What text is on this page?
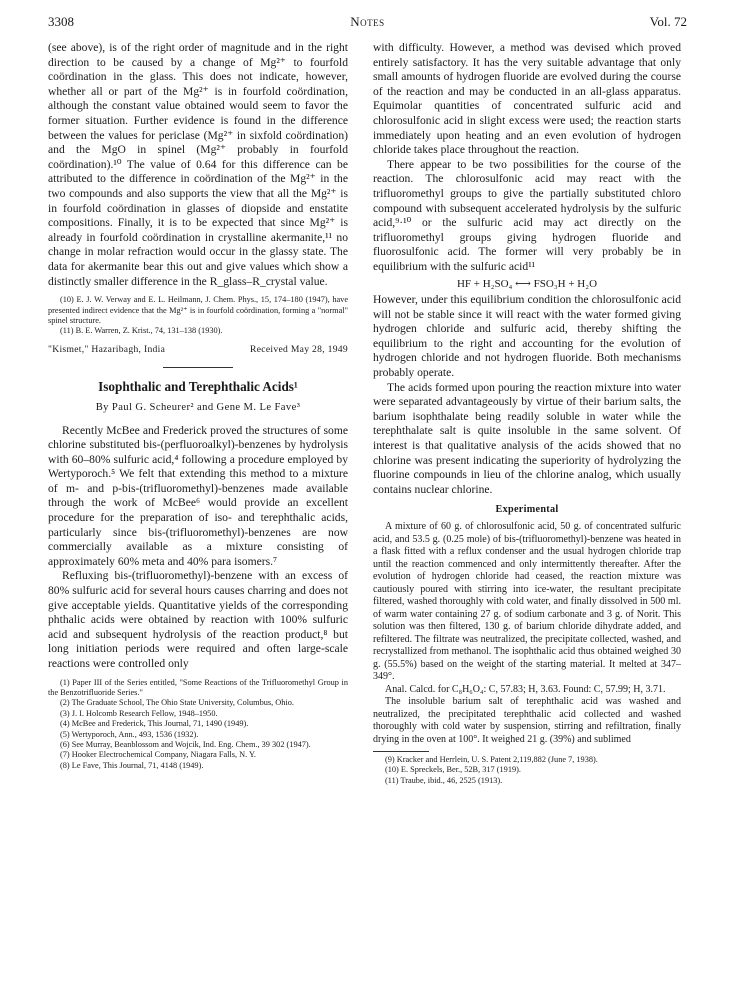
3308	Notes	Vol. 72

(see above), is of the right order of magnitude and in the right direction to be caused by a change of Mg²⁺ to fourfold coördination in the glass. This does not indicate, however, whether all or part of the Mg²⁺ is in fourfold coördination, although the constant value obtained would seem to favor the former situation. Further evidence is found in the difference between the values for periclase (Mg²⁺ in sixfold coördination) and the MgO in spinel (Mg²⁺ probably in fourfold coördination).¹⁰ The value of 0.64 for this difference can be attributed to the difference in coördination of the Mg²⁺ in the two compounds and also supports the view that all the Mg²⁺ is in fourfold coördination in glasses of diopside and enstatite compositions. Finally, it is to be expected that since Mg²⁺ is already in fourfold coördination in crystalline akermanite,¹¹ no change in molar refraction would occur in the glassy state. The data for akermanite bear this out and give values which show a distinctly smaller difference in the R_glass–R_crystal value.

(10) E. J. W. Verway and E. L. Heilmann, J. Chem. Phys., 15, 174–180 (1947), have presented indirect evidence that the Mg²⁺ is in fourfold coördination, forming a "normal" spinel structure.

(11) B. E. Warren, Z. Krist., 74, 131–138 (1930).

"Kismet," Hazaribagh, India	Received May 28, 1949
Isophthalic and Terephthalic Acids¹
By Paul G. Scheurer² and Gene M. Le Fave³

Recently McBee and Frederick proved the structures of some chlorine substituted bis-(perfluoroalkyl)-benzenes by hydrolysis with 60–80% sulfuric acid,⁴ following a procedure employed by Wertyporoch.⁵ We felt that extending this method to a mixture of m- and p-bis-(trifluoromethyl)-benzenes made available through the work of McBee⁶ would provide an excellent procedure for the preparation of iso- and terephthalic acids, particularly since bis-(trifluoromethyl)-benzenes are now commercially available as a mixture consisting of approximately 60% meta and 40% para isomers.⁷

Refluxing bis-(trifluoromethyl)-benzene with an excess of 80% sulfuric acid for several hours causes charring and does not give acceptable yields. Quantitative yields of the corresponding phthalic acids were obtained by reaction with 100% sulfuric acid and subsequent hydrolysis of the reaction product,⁸ but long initiation periods were required and often large-scale reactions were controlled only

(1) Paper III of the Series entitled, "Some Reactions of the Trifluoromethyl Group in the Benzotrifluoride Series."

(2) The Graduate School, The Ohio State University, Columbus, Ohio.

(3) J. I. Holcomb Research Fellow, 1948–1950.

(4) McBee and Frederick, This Journal, 71, 1490 (1949).

(5) Wertyporoch, Ann., 493, 1536 (1932).

(6) See Murray, Beanblossom and Wojcik, Ind. Eng. Chem., 39 302 (1947).

(7) Hooker Electrochemical Company, Niagara Falls, N. Y.

(8) Le Fave, This Journal, 71, 4148 (1949).

with difficulty. However, a method was devised which proved entirely satisfactory. It has the very suitable advantage that only small amounts of hydrogen fluoride are evolved during the course of the reaction and may be conducted in an all-glass apparatus. Equimolar quantities of concentrated sulfuric acid and chlorosulfonic acid in slight excess were used; the reaction starts immediately upon heating and an even evolution of hydrogen chloride takes place throughout the reaction.

There appear to be two possibilities for the course of the reaction. The chlorosulfonic acid may react with the trifluoromethyl groups to give the partially substituted chloro compound with subsequent accelerated hydrolysis by the sulfuric acid,⁹·¹⁰ or the sulfuric acid may act directly on the trifluoromethyl groups giving hydrogen fluoride and fluorosulfonic acid. The former will very probably be in equilibrium with the sulfuric acid¹¹

HF + H₂SO₄ ⟷ FSO₃H + H₂O

However, under this equilibrium condition the chlorosulfonic acid will not be stable since it will react with the water formed giving hydrogen chloride and sulfuric acid, thereby shifting the equilibrium to the right and accounting for the evolution of hydrogen chloride and not hydrogen fluoride. Both mechanisms probably operate.

The acids formed upon pouring the reaction mixture into water were separated advantageously by virtue of their barium salts, the barium isophthalate being readily soluble in water while the terephthalate salt is quite insoluble in the same solvent. Of interest is that qualitative analysis of the acids showed that no chlorine was present indicating the superiority of hydrolyzing the fluorine compounds in lieu of the chlorine analog, which usually contains nuclear chlorine.

Experimental

A mixture of 60 g. of chlorosulfonic acid, 50 g. of concentrated sulfuric acid, and 53.5 g. (0.25 mole) of bis-(trifluoromethyl)-benzene was heated in a flask fitted with a reflux condenser and the usual hydrogen chloride trap until the reaction commenced and only intermittently thereafter. After the evolution of hydrogen chloride had ceased, the reaction mixture was cautiously poured with stirring into ice-water, the resultant precipitate filtered, washed thoroughly with cold water, and finally dissolved in 500 ml. of warm water containing 27 g. of sodium carbonate and 3 g. of Norit. This solution was then filtered, 130 g. of barium chloride dihydrate added, and refiltered. The filtrate was neutralized, the precipitate collected, washed, and recrystallized from methanol. The isophthalic acid thus obtained weighed 30 g. (55.5%) based on the weight of the starting material. It melted at 347–349°.

Anal. Calcd. for C₈H₆O₄: C, 57.83; H, 3.63. Found: C, 57.99; H, 3.71.

The insoluble barium salt of terephthalic acid was washed and neutralized, the precipitated terephthalic acid collected and washed thoroughly with cold water by suspension, stirring and refiltration, finally drying in the oven at 100°. It weighed 21 g. (39%) and sublimed

(9) Kracker and Herrlein, U. S. Patent 2,119,882 (June 7, 1938).

(10) E. Spreckels, Ber., 52B, 317 (1919).

(11) Traube, ibid., 46, 2525 (1913).
